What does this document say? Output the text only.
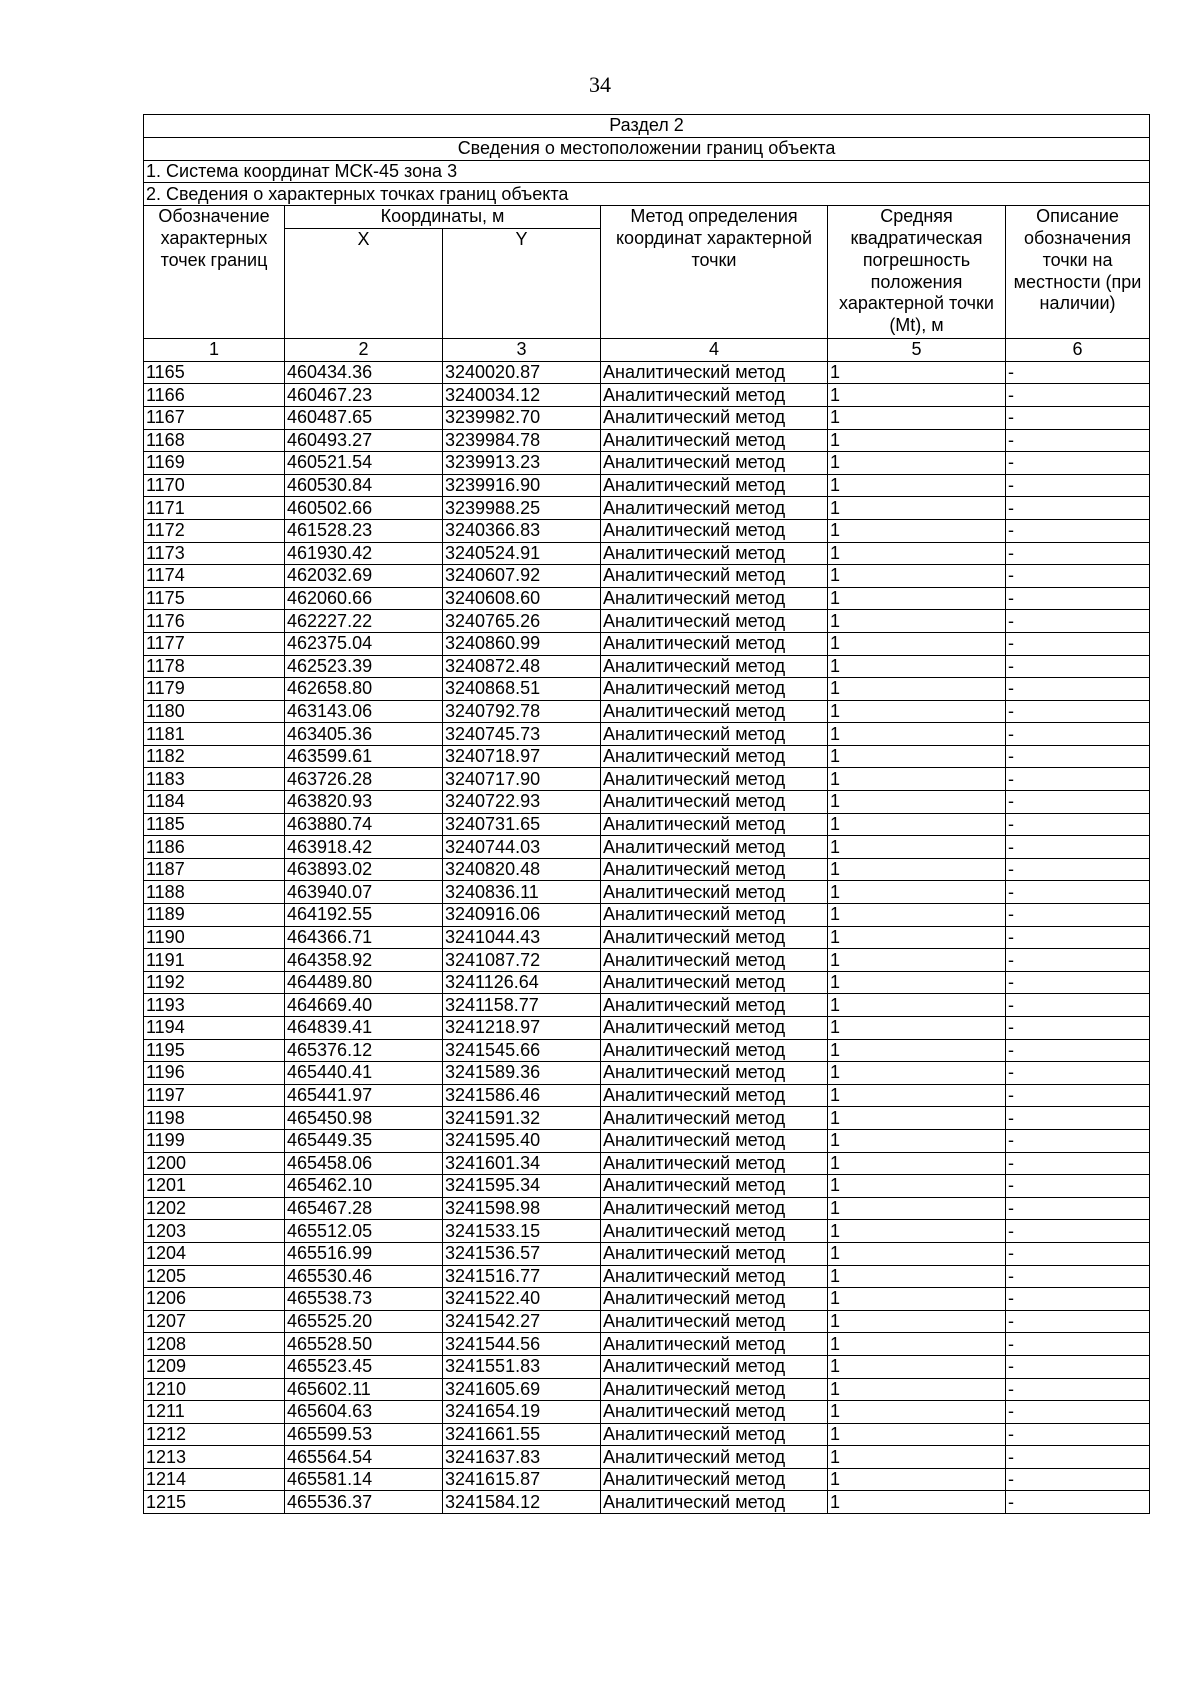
34
Раздел 2					
Сведения о местоположении границ объекта					
1. Система координат МСК-45 зона 3					
2. Сведения о характерных точках границ объекта					
Обозначение характерных точек границ	Координаты, м		Метод определения координат характерной точки	Средняя квадратическая погрешность положения характерной точки (Mt), м	Описание обозначения точки на местности (при наличии)
	X	Y			
1	2	3	4	5	6
1165	460434.36	3240020.87	Аналитический метод	1	-
1166	460467.23	3240034.12	Аналитический метод	1	-
1167	460487.65	3239982.70	Аналитический метод	1	-
1168	460493.27	3239984.78	Аналитический метод	1	-
1169	460521.54	3239913.23	Аналитический метод	1	-
1170	460530.84	3239916.90	Аналитический метод	1	-
1171	460502.66	3239988.25	Аналитический метод	1	-
1172	461528.23	3240366.83	Аналитический метод	1	-
1173	461930.42	3240524.91	Аналитический метод	1	-
1174	462032.69	3240607.92	Аналитический метод	1	-
1175	462060.66	3240608.60	Аналитический метод	1	-
1176	462227.22	3240765.26	Аналитический метод	1	-
1177	462375.04	3240860.99	Аналитический метод	1	-
1178	462523.39	3240872.48	Аналитический метод	1	-
1179	462658.80	3240868.51	Аналитический метод	1	-
1180	463143.06	3240792.78	Аналитический метод	1	-
1181	463405.36	3240745.73	Аналитический метод	1	-
1182	463599.61	3240718.97	Аналитический метод	1	-
1183	463726.28	3240717.90	Аналитический метод	1	-
1184	463820.93	3240722.93	Аналитический метод	1	-
1185	463880.74	3240731.65	Аналитический метод	1	-
1186	463918.42	3240744.03	Аналитический метод	1	-
1187	463893.02	3240820.48	Аналитический метод	1	-
1188	463940.07	3240836.11	Аналитический метод	1	-
1189	464192.55	3240916.06	Аналитический метод	1	-
1190	464366.71	3241044.43	Аналитический метод	1	-
1191	464358.92	3241087.72	Аналитический метод	1	-
1192	464489.80	3241126.64	Аналитический метод	1	-
1193	464669.40	3241158.77	Аналитический метод	1	-
1194	464839.41	3241218.97	Аналитический метод	1	-
1195	465376.12	3241545.66	Аналитический метод	1	-
1196	465440.41	3241589.36	Аналитический метод	1	-
1197	465441.97	3241586.46	Аналитический метод	1	-
1198	465450.98	3241591.32	Аналитический метод	1	-
1199	465449.35	3241595.40	Аналитический метод	1	-
1200	465458.06	3241601.34	Аналитический метод	1	-
1201	465462.10	3241595.34	Аналитический метод	1	-
1202	465467.28	3241598.98	Аналитический метод	1	-
1203	465512.05	3241533.15	Аналитический метод	1	-
1204	465516.99	3241536.57	Аналитический метод	1	-
1205	465530.46	3241516.77	Аналитический метод	1	-
1206	465538.73	3241522.40	Аналитический метод	1	-
1207	465525.20	3241542.27	Аналитический метод	1	-
1208	465528.50	3241544.56	Аналитический метод	1	-
1209	465523.45	3241551.83	Аналитический метод	1	-
1210	465602.11	3241605.69	Аналитический метод	1	-
1211	465604.63	3241654.19	Аналитический метод	1	-
1212	465599.53	3241661.55	Аналитический метод	1	-
1213	465564.54	3241637.83	Аналитический метод	1	-
1214	465581.14	3241615.87	Аналитический метод	1	-
1215	465536.37	3241584.12	Аналитический метод	1	-
